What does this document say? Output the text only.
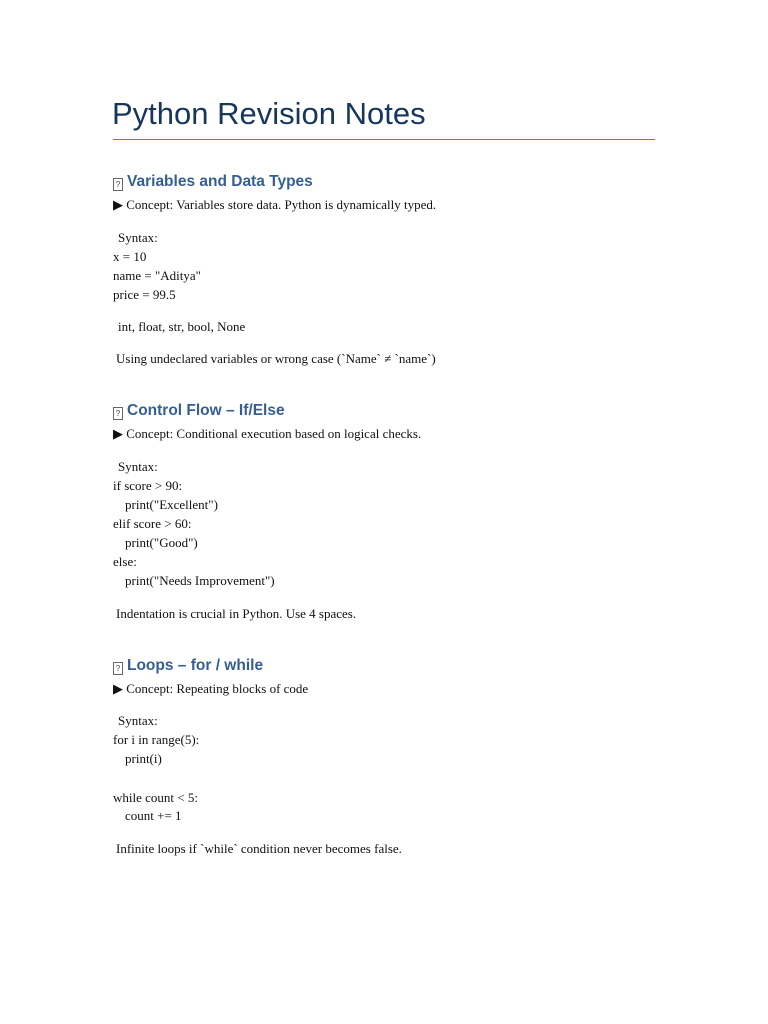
Python Revision Notes
? Variables and Data Types
▶ Concept: Variables store data. Python is dynamically typed.
Syntax:
x = 10
name = "Aditya"
price = 99.5
int, float, str, bool, None
Using undeclared variables or wrong case (`Name` ≠ `name`)
? Control Flow – If/Else
▶ Concept: Conditional execution based on logical checks.
Syntax:
if score > 90:
print("Excellent")
elif score > 60:
print("Good")
else:
print("Needs Improvement")
Indentation is crucial in Python. Use 4 spaces.
? Loops – for / while
▶ Concept: Repeating blocks of code
Syntax:
for i in range(5):
print(i)
while count < 5:
count += 1
Infinite loops if `while` condition never becomes false.
